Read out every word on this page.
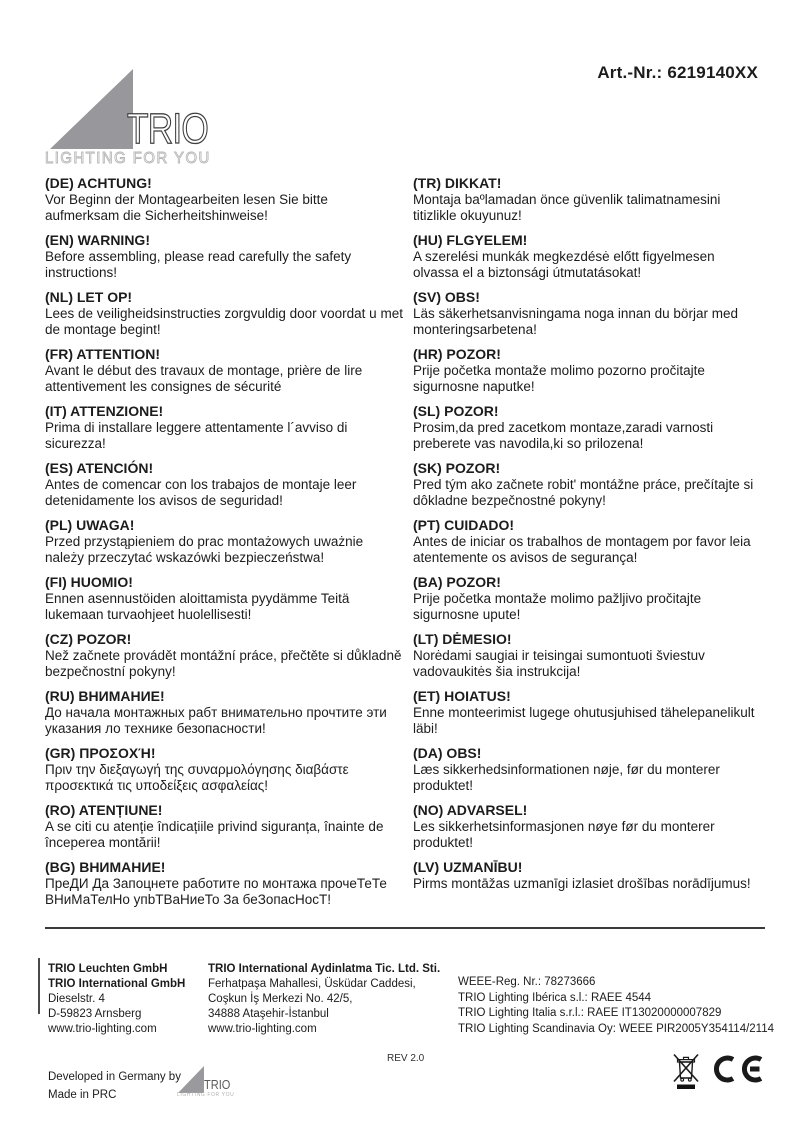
Art.-Nr.: 6219140XX
TRIO
LIGHTING FOR YOU
(DE) ACHTUNG!
Vor Beginn der Montagearbeiten lesen Sie bitte aufmerksam die Sicherheitshinweise!
(EN) WARNING!
Before assembling, please read carefully the safety instructions!
(NL) LET OP!
Lees de veiligheidsinstructies zorgvuldig door voordat u met de montage begint!
(FR) ATTENTION!
Avant le début des travaux de montage, prière de lire attentivement les consignes de sécurité
(IT) ATTENZIONE!
Prima di installare leggere attentamente l´avviso di sicurezza!
(ES) ATENCIÓN!
Antes de comencar con los trabajos de montaje leer detenidamente los avisos de seguridad!
(PL) UWAGA!
Przed przystąpieniem do prac montażowych uważnie należy przeczytać wskazówki bezpieczeństwa!
(FI) HUOMIO!
Ennen asennustöiden aloittamista pyydämme Teitä lukemaan turvaohjeet huolellisesti!
(CZ) POZOR!
Než začnete provádět montážní práce, přečtěte si důkladně bezpečnostní pokyny!
(RU) ВНИМАНИЕ!
До начала монтажных рабт внимательно прочтите эти указания ло технике безопасности!
(GR) ΠΡΟΣΟΧΉ!
Πριν την διεξαγωγή της συναρμολόγησης διαβάστε προσεκτικά τις υποδείξεις ασφαλείας!
(RO) ATENȚIUNE!
A se citi cu atenție îndicațiile privind siguranța, înainte de începerea montării!
(BG) ВНИМАНИЕ!
ПреДИ Да Запоцнете работите по монтажа прочеТеТе ВНиМаТелНо упbТВаНиеТо За беЗопасНосТ!
(TR) DIKKAT!
Montaja baºlamadan önce güvenlik talimatnamesini titizlikle okuyunuz!
(HU) FLGYELEM!
A szerelési munkák megkezdésė előtt figyelmesen olvassa el a biztonsági útmutatásokat!
(SV) OBS!
Läs säkerhetsanvisningama noga innan du börjar med monteringsarbetena!
(HR) POZOR!
Prije početka montaže molimo pozorno pročitajte sigurnosne naputke!
(SL) POZOR!
Prosim,da pred zacetkom montaze,zaradi varnosti preberete vas navodila,ki so prilozena!
(SK) POZOR!
Pred tým ako začnete robit' montážne práce, prečítajte si dôkladne bezpečnostné pokyny!
(PT) CUIDADO!
Antes de iniciar os trabalhos de montagem por favor leia atentemente os avisos de segurança!
(BA) POZOR!
Prije početka montaže molimo pažljivo pročitajte sigurnosne upute!
(LT) DĖMESIO!
Norėdami saugiai ir teisingai sumontuoti šviestuv vadovaukitės šia instrukcija!
(ET) HOIATUS!
Enne monteerimist lugege ohutusjuhised tähelepanelikult läbi!
(DA) OBS!
Læs sikkerhedsinformationen nøje, før du monterer produktet!
(NO) ADVARSEL!
Les sikkerhetsinformasjonen nøye før du monterer produktet!
(LV) UZMANĪBU!
Pirms montāžas uzmanīgi izlasiet drošības norādījumus!
TRIO Leuchten GmbH
TRIO International GmbH
Dieselstr. 4
D-59823 Arnsberg
www.trio-lighting.com
TRIO International Aydinlatma Tic. Ltd. Sti.
Ferhatpaşa Mahallesi, Üsküdar Caddesi,
Coşkun İş Merkezi No. 42/5,
34888 Ataşehir-İstanbul
www.trio-lighting.com
WEEE-Reg. Nr.: 78273666
TRIO Lighting Ibérica s.l.: RAEE 4544
TRIO Lighting Italia s.r.l.: RAEE IT13020000007829
TRIO Lighting Scandinavia Oy: WEEE PIR2005Y354114/2114
Developed in Germany by
Made in PRC
TRIO
LIGHTING FOR YOU
REV 2.0
